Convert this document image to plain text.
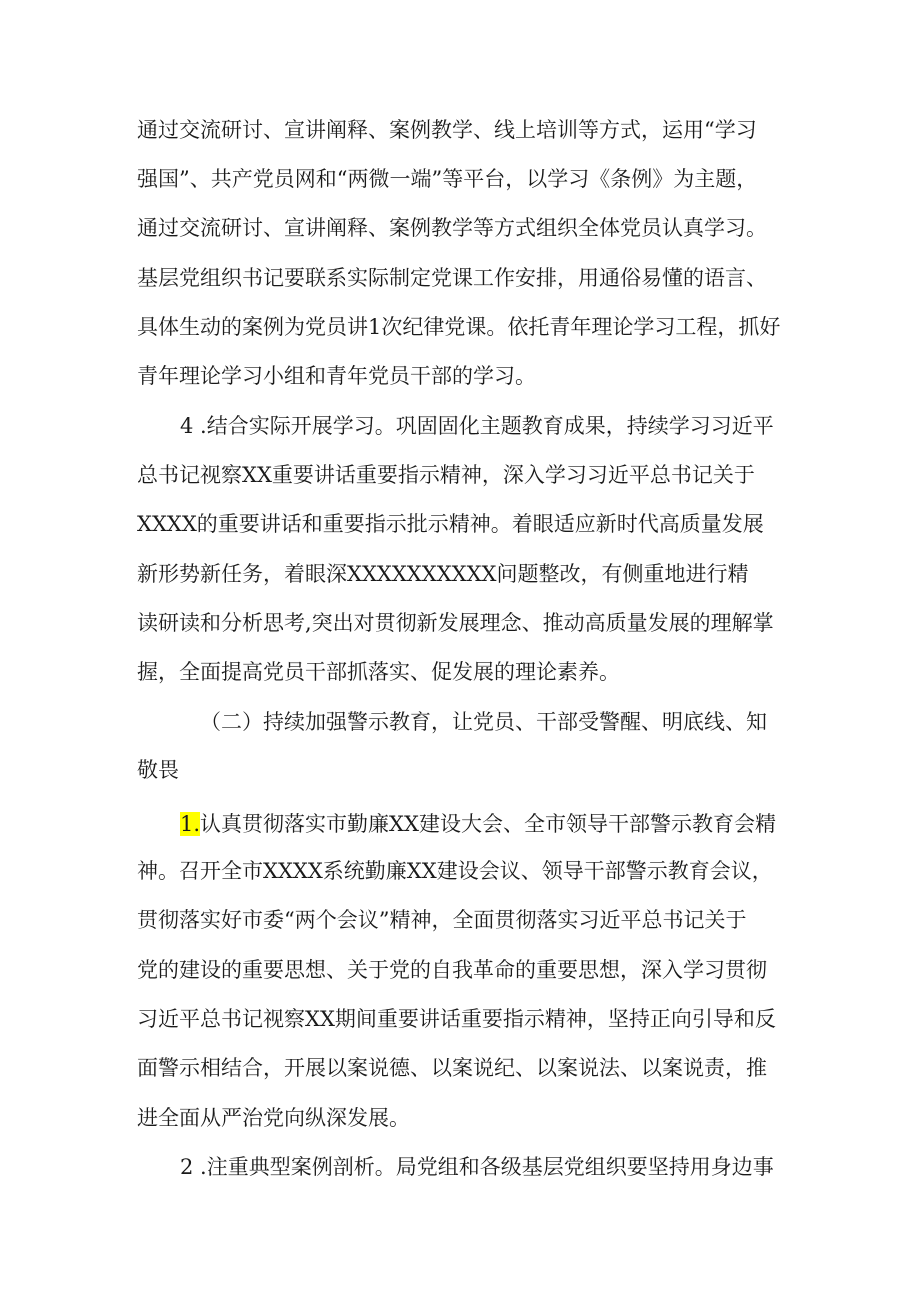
通过交流研讨、宣讲阐释、案例教学、线上培训等方式，运用“学习
强国”、共产党员网和“两微一端”等平台，以学习《条例》为主题，
通过交流研讨、宣讲阐释、案例教学等方式组织全体党员认真学习。
基层党组织书记要联系实际制定党课工作安排，用通俗易懂的语言、
具体生动的案例为党员讲1次纪律党课。依托青年理论学习工程，抓好
青年理论学习小组和青年党员干部的学习。
4 .结合实际开展学习。巩固固化主题教育成果，持续学习习近平
总书记视察XX重要讲话重要指示精神，深入学习习近平总书记关于
XXXX的重要讲话和重要指示批示精神。着眼适应新时代高质量发展
新形势新任务，着眼深XXXXXXXXXX问题整改，有侧重地进行精
读研读和分析思考,突出对贯彻新发展理念、推动高质量发展的理解掌
握，全面提高党员干部抓落实、促发展的理论素养。
（二）持续加强警示教育，让党员、干部受警醒、明底线、知
敬畏
1.认真贯彻落实市勤廉XX建设大会、全市领导干部警示教育会精
神。召开全市XXXX系统勤廉XX建设会议、领导干部警示教育会议，
贯彻落实好市委“两个会议”精神，全面贯彻落实习近平总书记关于
党的建设的重要思想、关于党的自我革命的重要思想，深入学习贯彻
习近平总书记视察XX期间重要讲话重要指示精神，坚持正向引导和反
面警示相结合，开展以案说德、以案说纪、以案说法、以案说责，推
进全面从严治党向纵深发展。
2 .注重典型案例剖析。局党组和各级基层党组织要坚持用身边事
